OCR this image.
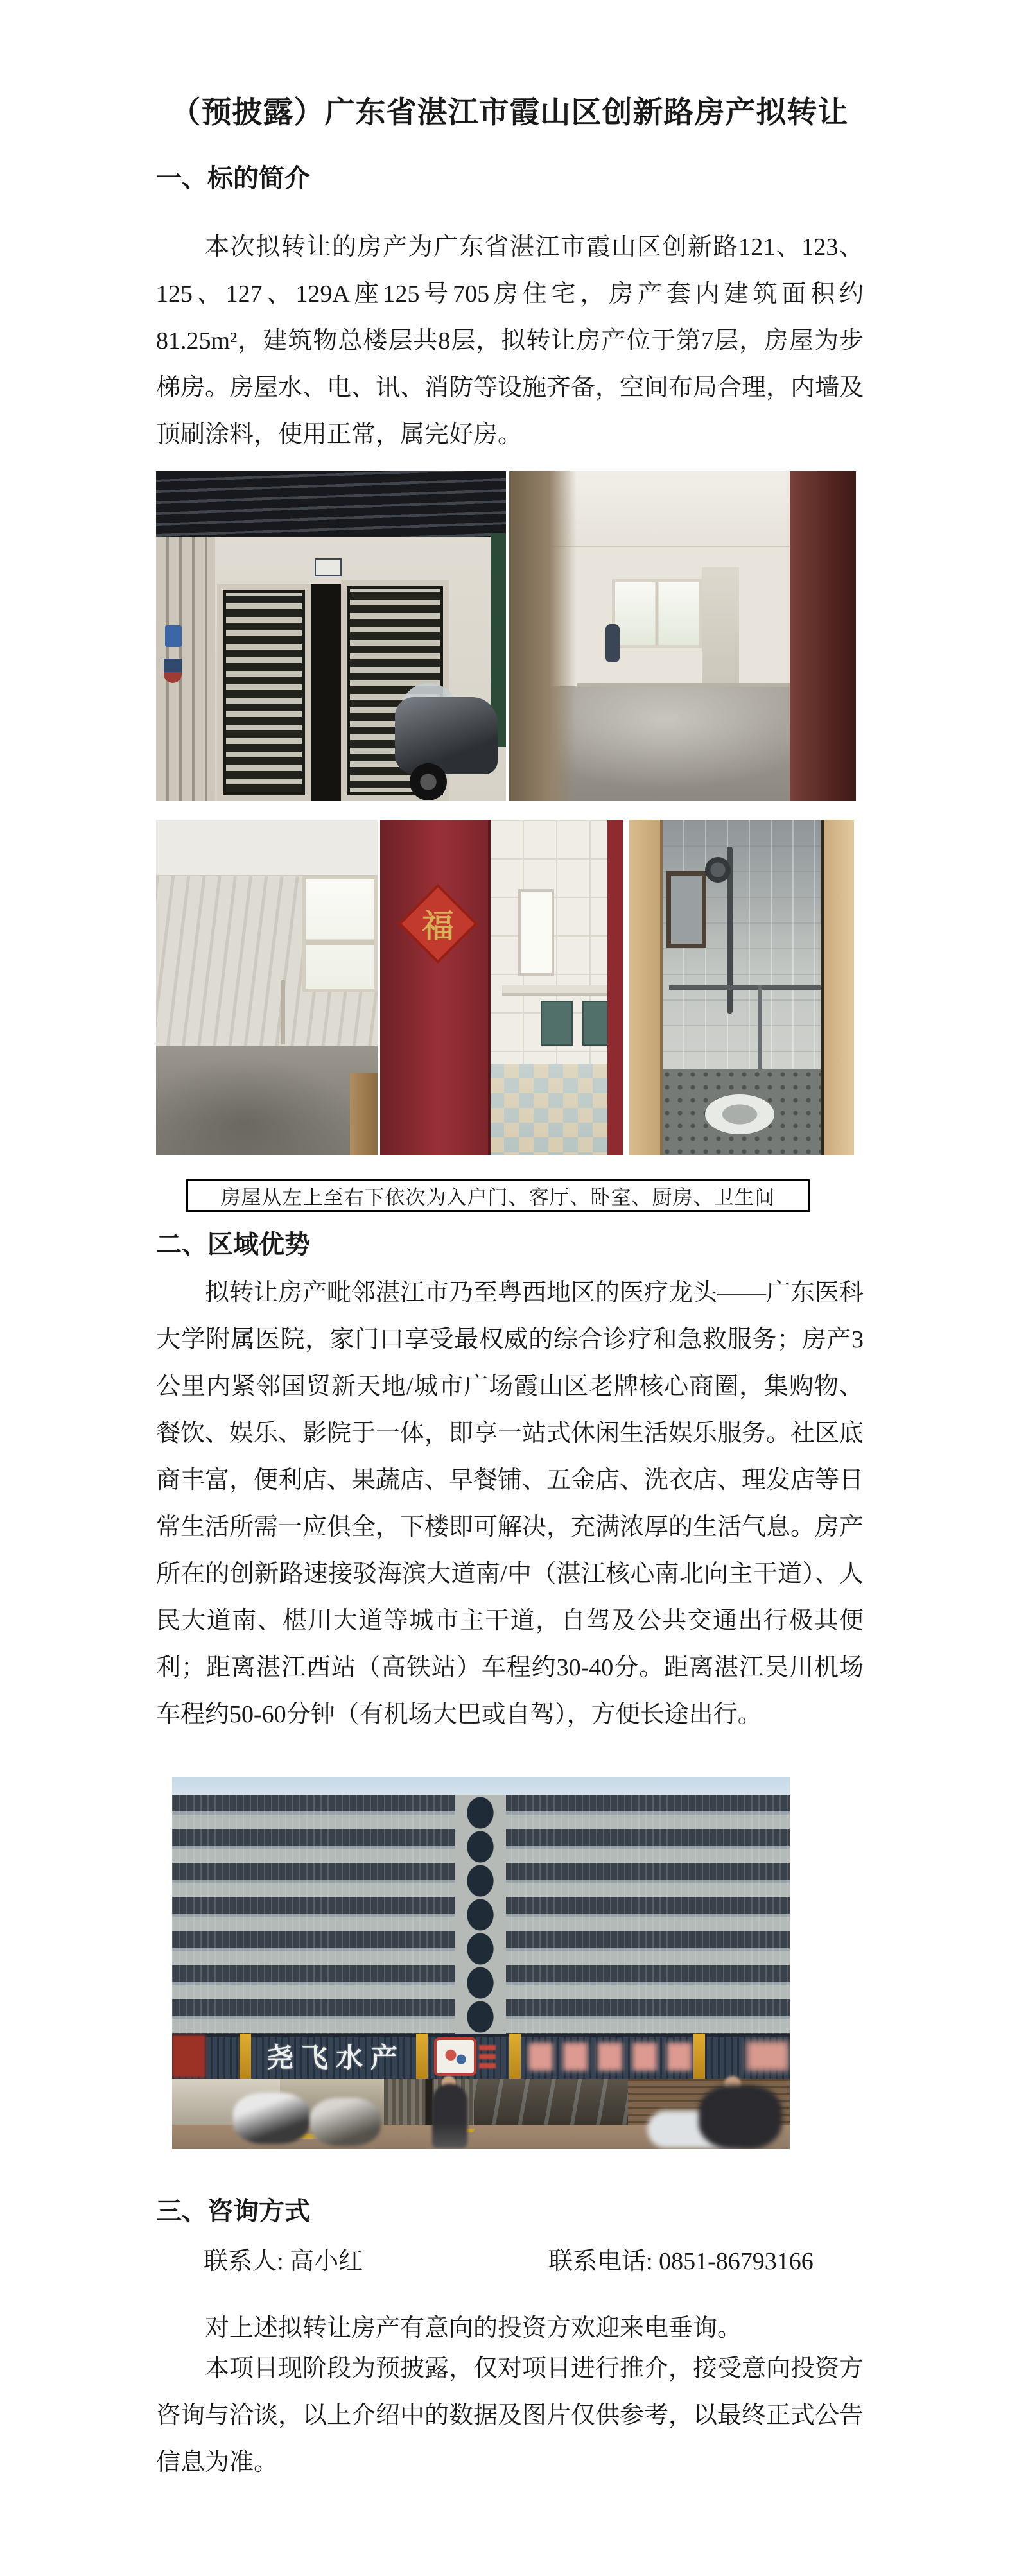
（预披露）广东省湛江市霞山区创新路房产拟转让
一、标的简介
本次拟转让的房产为广东省湛江市霞山区创新路121、123、125、127、129A座125号705房住宅，房产套内建筑面积约81.25m²，建筑物总楼层共8层，拟转让房产位于第7层，房屋为步梯房。房屋水、电、讯、消防等设施齐备，空间布局合理，内墙及顶刷涂料，使用正常，属完好房。
福
房屋从左上至右下依次为入户门、客厅、卧室、厨房、卫生间
二、区域优势
拟转让房产毗邻湛江市乃至粤西地区的医疗龙头——广东医科大学附属医院，家门口享受最权威的综合诊疗和急救服务；房产3公里内紧邻国贸新天地/城市广场霞山区老牌核心商圈，集购物、餐饮、娱乐、影院于一体，即享一站式休闲生活娱乐服务。社区底商丰富，便利店、果蔬店、早餐铺、五金店、洗衣店、理发店等日常生活所需一应俱全，下楼即可解决，充满浓厚的生活气息。房产所在的创新路速接驳海滨大道南/中（湛江核心南北向主干道）、人民大道南、椹川大道等城市主干道，自驾及公共交通出行极其便利；距离湛江西站（高铁站）车程约30-40分。距离湛江吴川机场车程约50-60分钟（有机场大巴或自驾），方便长途出行。
尧飞水产
三、咨询方式
联系人: 高小红	联系电话: 0851-86793166
对上述拟转让房产有意向的投资方欢迎来电垂询。
本项目现阶段为预披露，仅对项目进行推介，接受意向投资方咨询与洽谈，以上介绍中的数据及图片仅供参考，以最终正式公告信息为准。
